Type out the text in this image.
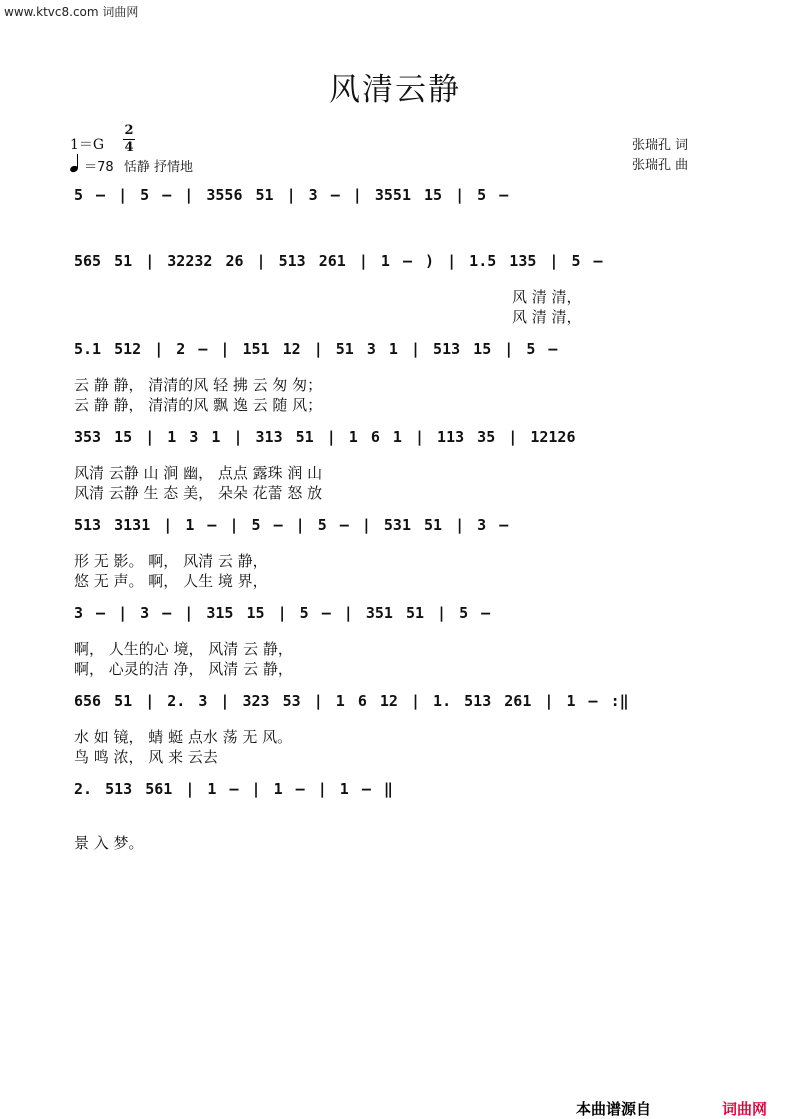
www.ktvc8.com 词曲网
风清云静
1＝G
2
4
＝78 恬静 抒情地
张瑞孔 词
张瑞孔 曲
5 – | 5 – | 3556 51 | 3 – | 3551 15 | 5 –
565 51 | 32232 26 | 513 261 | 1 – ) | 1.5 135 | 5 –
风 清 清，
风 清 清，
5.1 512 | 2 – | 151 12 | 51 3 1 | 513 15 | 5 –
云 静 静， 清清的风 轻 拂 云 匆 匆；
云 静 静， 清清的风 飘 逸 云 随 风；
353 15 | 1 3 1 | 313 51 | 1 6 1 | 113 35 | 12126
风清 云静 山 涧 幽， 点点 露珠 润 山
风清 云静 生 态 美， 朵朵 花蕾 怒 放
513 3131 | 1 – | 5 – | 5 – | 531 51 | 3 –
形 无 影。 啊， 风清 云 静，
悠 无 声。 啊， 人生 境 界，
3 – | 3 – | 315 15 | 5 – | 351 51 | 5 –
啊， 人生的心 境， 风清 云 静，
啊， 心灵的洁 净， 风清 云 静，
656 51 | 2. 3 | 323 53 | 1 6 12 | 1. 513 261 | 1 – :‖
水 如 镜， 蜻 蜓 点水 荡 无 风。
鸟 鸣 浓， 风 来 云去
2. 513 561 | 1 – | 1 – | 1 – ‖
景 入 梦。
本曲谱源自	词曲网
